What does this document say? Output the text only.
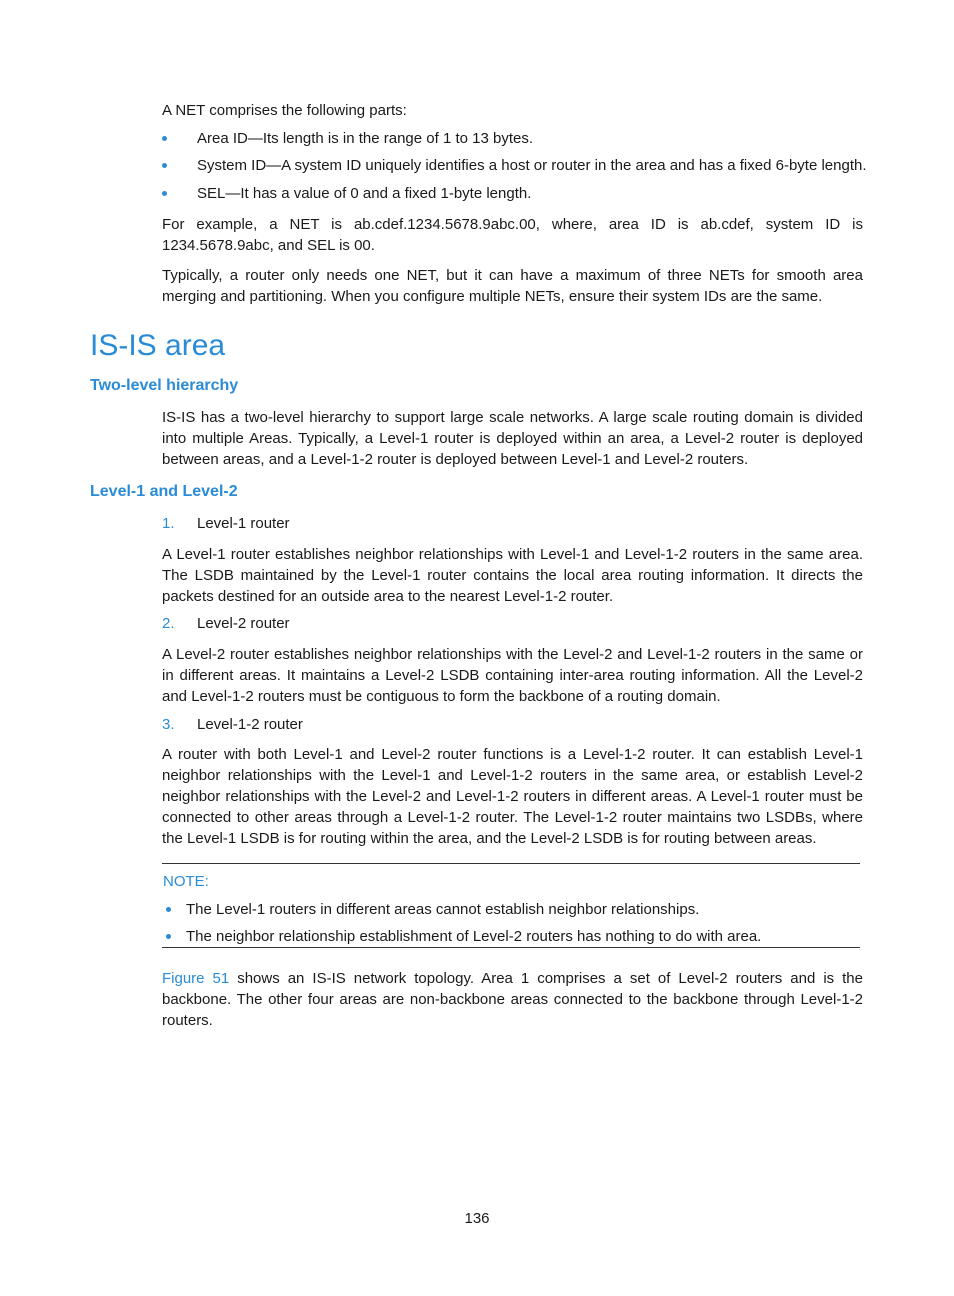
A NET comprises the following parts:

Area ID—Its length is in the range of 1 to 13 bytes.
System ID—A system ID uniquely identifies a host or router in the area and has a fixed 6-byte length.
SEL—It has a value of 0 and a fixed 1-byte length.

For example, a NET is ab.cdef.1234.5678.9abc.00, where, area ID is ab.cdef, system ID is 1234.5678.9abc, and SEL is 00.

Typically, a router only needs one NET, but it can have a maximum of three NETs for smooth area merging and partitioning. When you configure multiple NETs, ensure their system IDs are the same.

IS-IS area
Two-level hierarchy

IS-IS has a two-level hierarchy to support large scale networks. A large scale routing domain is divided into multiple Areas. Typically, a Level-1 router is deployed within an area, a Level-2 router is deployed between areas, and a Level-1-2 router is deployed between Level-1 and Level-2 routers.

Level-1 and Level-2
1. Level-1 router

A Level-1 router establishes neighbor relationships with Level-1 and Level-1-2 routers in the same area. The LSDB maintained by the Level-1 router contains the local area routing information. It directs the packets destined for an outside area to the nearest Level-1-2 router.

2. Level-2 router

A Level-2 router establishes neighbor relationships with the Level-2 and Level-1-2 routers in the same or in different areas. It maintains a Level-2 LSDB containing inter-area routing information. All the Level-2 and Level-1-2 routers must be contiguous to form the backbone of a routing domain.

3. Level-1-2 router

A router with both Level-1 and Level-2 router functions is a Level-1-2 router. It can establish Level-1 neighbor relationships with the Level-1 and Level-1-2 routers in the same area, or establish Level-2 neighbor relationships with the Level-2 and Level-1-2 routers in different areas. A Level-1 router must be connected to other areas through a Level-1-2 router. The Level-1-2 router maintains two LSDBs, where the Level-1 LSDB is for routing within the area, and the Level-2 LSDB is for routing between areas.

NOTE:
The Level-1 routers in different areas cannot establish neighbor relationships.
The neighbor relationship establishment of Level-2 routers has nothing to do with area.

Figure 51 shows an IS-IS network topology. Area 1 comprises a set of Level-2 routers and is the backbone. The other four areas are non-backbone areas connected to the backbone through Level-1-2 routers.

136
